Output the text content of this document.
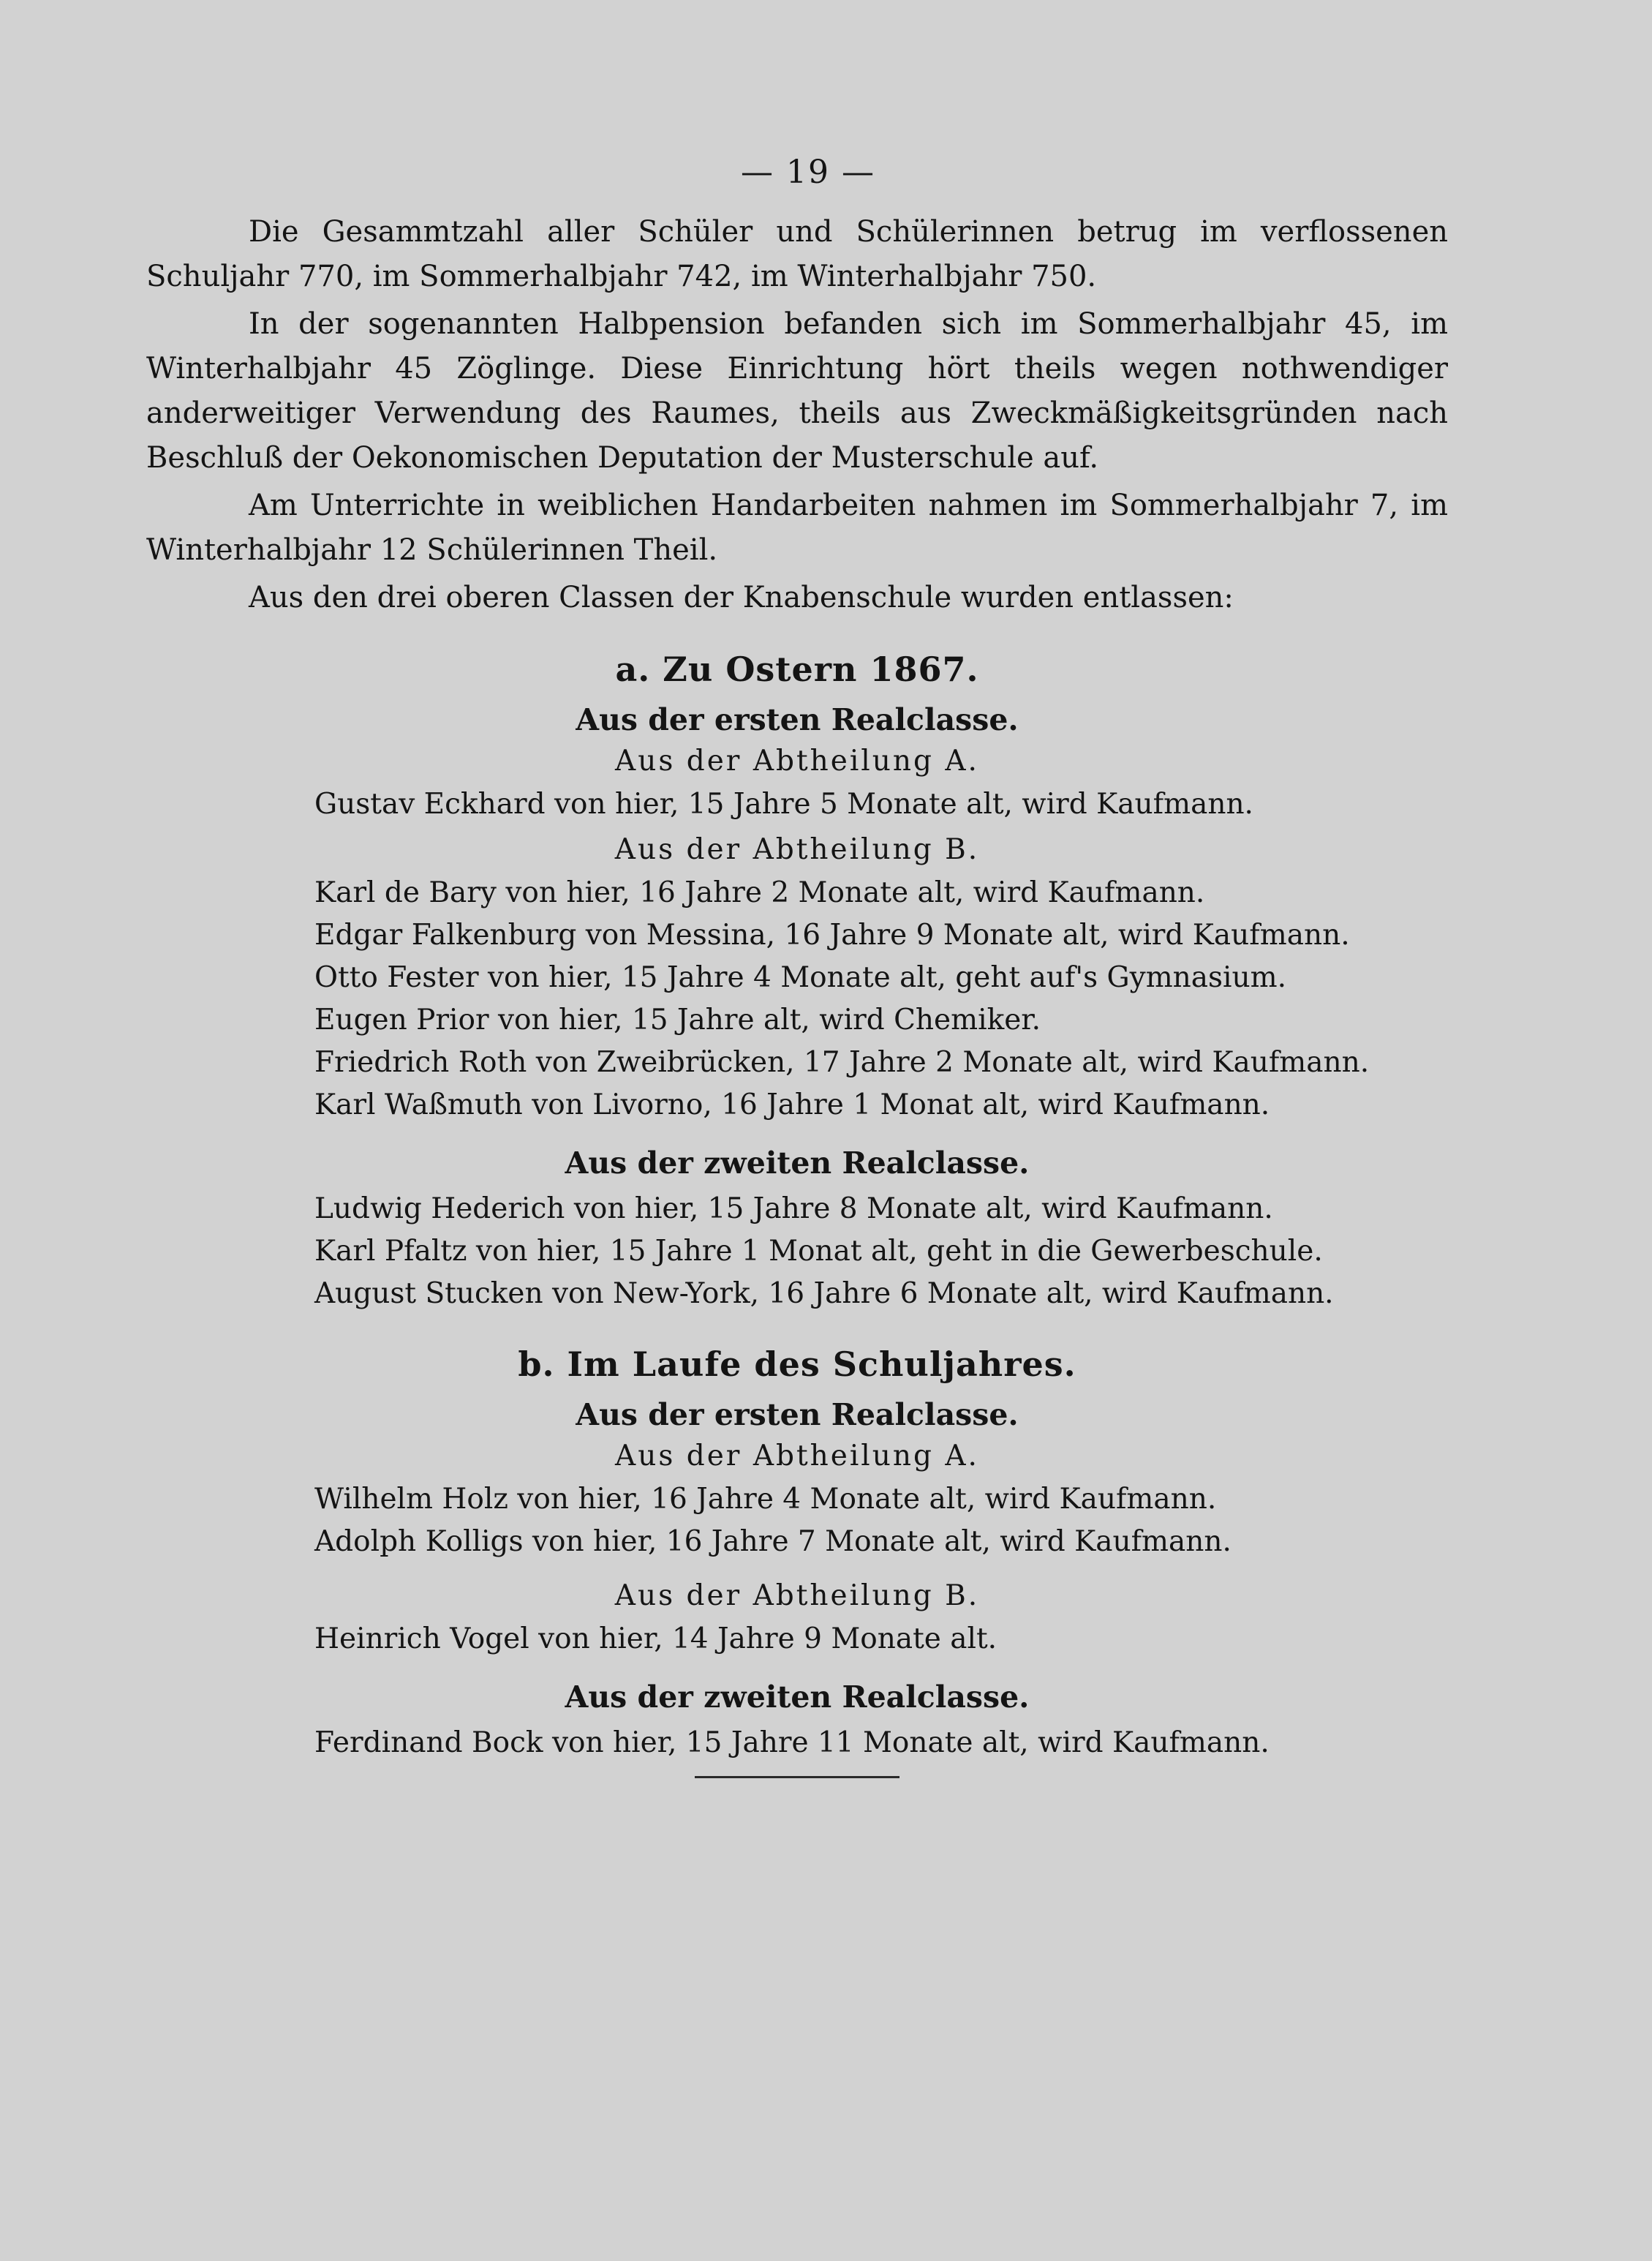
— 19 —

Die Gesammtzahl aller Schüler und Schülerinnen betrug im verflossenen Schuljahr 770, im Sommerhalbjahr 742, im Winterhalbjahr 750.

In der sogenannten Halbpension befanden sich im Sommerhalbjahr 45, im Winterhalbjahr 45 Zöglinge. Diese Einrichtung hört theils wegen nothwendiger anderweitiger Verwendung des Raumes, theils aus Zweckmäßigkeitsgründen nach Beschluß der Oekonomischen Deputation der Musterschule auf.

Am Unterrichte in weiblichen Handarbeiten nahmen im Sommerhalbjahr 7, im Winterhalbjahr 12 Schülerinnen Theil.

Aus den drei oberen Classen der Knabenschule wurden entlassen:

a. Zu Ostern 1867.
Aus der ersten Realclasse.
Aus der Abtheilung A.
Gustav Eckhard von hier, 15 Jahre 5 Monate alt, wird Kaufmann.
Aus der Abtheilung B.
Karl de Bary von hier, 16 Jahre 2 Monate alt, wird Kaufmann.
Edgar Falkenburg von Messina, 16 Jahre 9 Monate alt, wird Kaufmann.
Otto Fester von hier, 15 Jahre 4 Monate alt, geht auf's Gymnasium.
Eugen Prior von hier, 15 Jahre alt, wird Chemiker.
Friedrich Roth von Zweibrücken, 17 Jahre 2 Monate alt, wird Kaufmann.
Karl Waßmuth von Livorno, 16 Jahre 1 Monat alt, wird Kaufmann.
Aus der zweiten Realclasse.
Ludwig Hederich von hier, 15 Jahre 8 Monate alt, wird Kaufmann.
Karl Pfaltz von hier, 15 Jahre 1 Monat alt, geht in die Gewerbeschule.
August Stucken von New-York, 16 Jahre 6 Monate alt, wird Kaufmann.
b. Im Laufe des Schuljahres.
Aus der ersten Realclasse.
Aus der Abtheilung A.
Wilhelm Holz von hier, 16 Jahre 4 Monate alt, wird Kaufmann.
Adolph Kolligs von hier, 16 Jahre 7 Monate alt, wird Kaufmann.
Aus der Abtheilung B.
Heinrich Vogel von hier, 14 Jahre 9 Monate alt.
Aus der zweiten Realclasse.
Ferdinand Bock von hier, 15 Jahre 11 Monate alt, wird Kaufmann.
